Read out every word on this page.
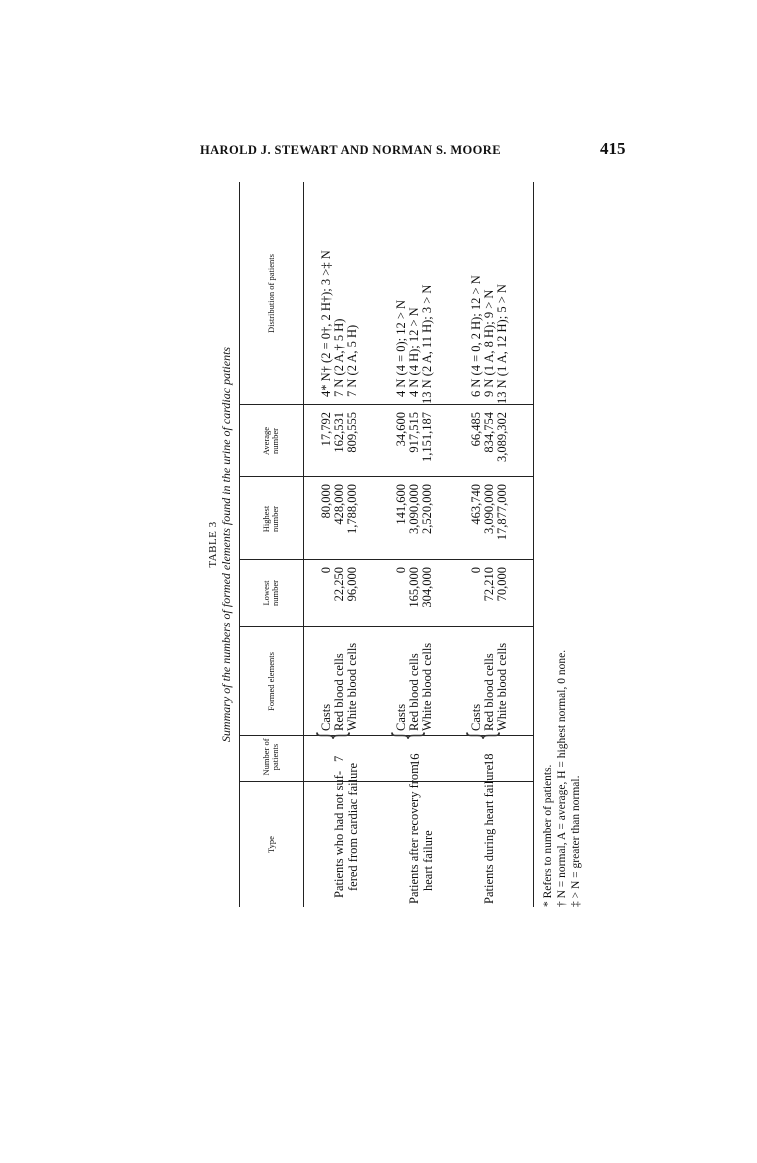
HAROLD J. STEWART AND NORMAN S. MOORE	415
TABLE 3 Summary of the numbers of formed elements found in the urine of cardiac patients
Type
Number of patients
Formed elements
Lowest number
Highest number
Average number
Distribution of patients
Patients who had not suf- fered from cardiac failure
7
{
Casts Red blood cells White blood cells
0 22,250 96,000
80,000 428,000 1,788,000
17,792 162,531 809,555
4* N† (2 = 0†, 2 H†); 3 >‡ N 7 N (2 A,† 5 H) 7 N (2 A, 5 H)
Patients after recovery from heart failure
16
{
Casts Red blood cells White blood cells
0 165,000 304,000
141,600 3,090,000 2,520,000
34,600 917,515 1,151,187
4 N (4 = 0); 12 > N 4 N (4 H); 12 > N 13 N (2 A, 11 H); 3 > N
Patients during heart failure
18
{
Casts Red blood cells White blood cells
0 72,210 70,000
463,740 3,090,000 17,877,000
66,485 834,754 3,089,302
6 N (4 = 0, 2 H); 12 > N 9 N (1 A, 8 H); 9 > N 13 N (1 A, 12 H); 5 > N
* Refers to number of patients. † N = normal, A = average, H = highest normal, 0 none. ‡ > N = greater than normal.
